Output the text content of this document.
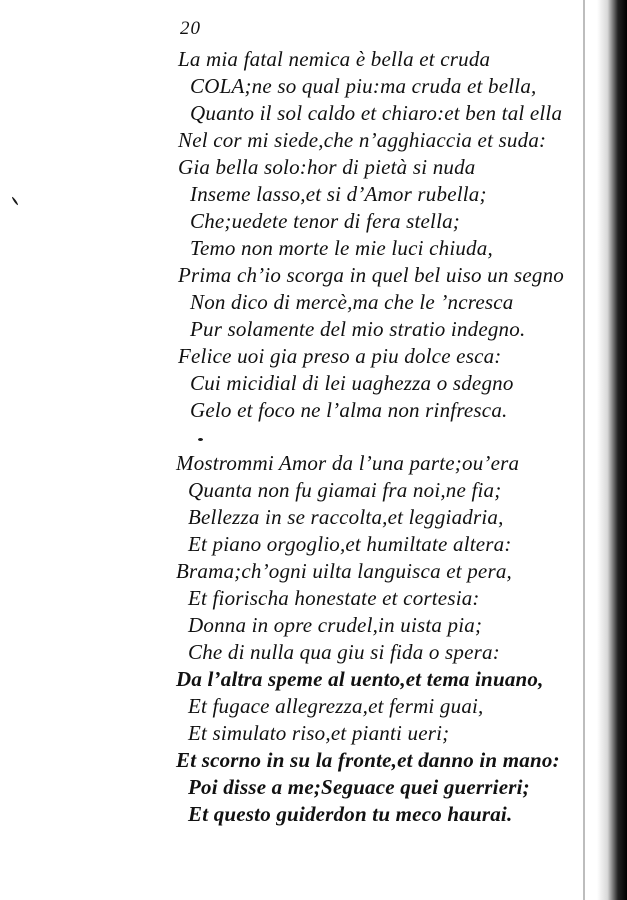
20
La mia fatal nemica è bella et cruda
COLA;ne so qual piu:ma cruda et bella,
Quanto il sol caldo et chiaro:et ben tal ella
Nel cor mi siede,che n’agghiaccia et suda:
Gia bella solo:hor di pietà si nuda
Inseme lasso,et si d’Amor rubella;
Che;uedete tenor di fera stella;
Temo non morte le mie luci chiuda,
Prima ch’io scorga in quel bel uiso un segno
Non dico di mercè,ma che le ’ncresca
Pur solamente del mio stratio indegno.
Felice uoi gia preso a piu dolce esca:
Cui micidial di lei uaghezza o sdegno
Gelo et foco ne l’alma non rinfresca.
Mostrommi Amor da l’una parte;ou’era
Quanta non fu giamai fra noi,ne fia;
Bellezza in se raccolta,et leggiadria,
Et piano orgoglio,et humiltate altera:
Brama;ch’ogni uilta languisca et pera,
Et fiorischa honestate et cortesia:
Donna in opre crudel,in uista pia;
Che di nulla qua giu si fida o spera:
Da l’altra speme al uento,et tema inuano,
Et fugace allegrezza,et fermi guai,
Et simulato riso,et pianti ueri;
Et scorno in su la fronte,et danno in mano:
Poi disse a me;Seguace quei guerrieri;
Et questo guiderdon tu meco haurai.
